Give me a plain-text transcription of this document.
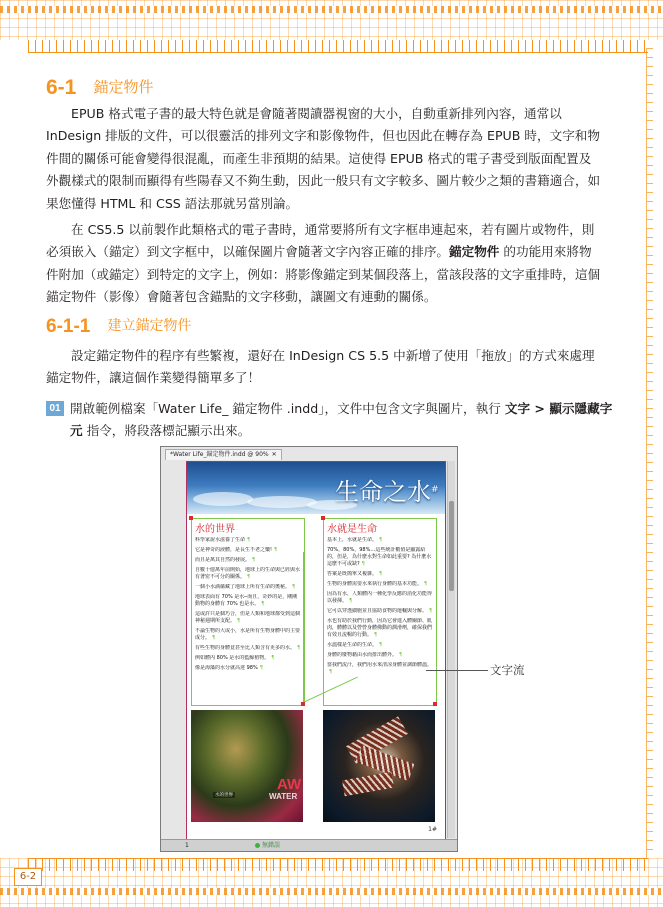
6-2
6-1 錨定物件
EPUB 格式電子書的最大特色就是會隨著閱讀器視窗的大小，自動重新排列內容，通常以
InDesign 排版的文件，可以很靈活的排列文字和影像物件，但也因此在轉存為 EPUB 時，文字和物
件間的關係可能會變得很混亂，而產生非預期的結果。這使得 EPUB 格式的電子書受到版面配置及
外觀樣式的限制而顯得有些陽春又不夠生動，因此一般只有文字較多、圖片較少之類的書籍適合，如
果您懂得 HTML 和 CSS 語法那就另當別論。
在 CS5.5 以前製作此類格式的電子書時，通常要將所有文字框串連起來，若有圖片或物件，則
必須嵌入（錨定）到文字框中，以確保圖片會隨著文字內容正確的排序。錨定物件 的功能用來將物
件附加（或錨定）到特定的文字上，例如：將影像錨定到某個段落上，當該段落的文字重排時，這個
錨定物件（影像）會隨著包含錨點的文字移動，讓圖文有連動的關係。
6-1-1 建立錨定物件
設定錨定物件的程序有些繁複，還好在 InDesign CS 5.5 中新增了使用「拖放」的方式來處理
錨定物件，讓這個作業變得簡單多了！
01 開啟範例檔案「Water Life_ 錨定物件 .indd」，文件中包含文字與圖片，執行 文字 > 顯示隱藏字
元 指令，將段落標記顯示出來。
*Water Life_錨定物件.indd @ 90% ✕
生命之水#
水的世界
科學家說水滋養了生命 ¶
它是神奇的液體，是長生不老之藥! ¶
而且是萬其自然的發展。 ¶
自數十億萬年前開始，地球上的生命與已經與水有著密不可分的關係。 ¶
一個小水滴蘊藏了地球上所有生命的奧秘。 ¶
地球表面有 70% 是水─而且，奇妙的是，剛剛動物的身體有 70% 也是水。 ¶
這或許只是個巧合，但是人類和地球都受到這個神秘週期所支配。 ¶
不論生物的大或小，水是所有生物身體中的主要成分。 ¶
有些生物的身體竟甚至比人類含有更多的水。 ¶
例如體內 80% 是水的藍鯨植物。 ¶
像是海藻的水分就高達 98% ¶
水就是生命
基本上，水就是生命。 ¶
70%，80%，98%…這些統計數值是顯露給的，但是，為什麼水對生命如此重要? 為什麼水這麼不可或缺? ¶
答案是既簡單又複雜。 ¶
生物的身體需要水來執行身體的基本功能。 ¶
因為有水，人類體內一種化學反應的消化功能得以發揮。 ¶
它可以穿透細胞並且協助食物的運輸與分解。 ¶
水也有助於我們行動，因為它會進入體關節、肌肉，體體以及營營身體佛動的潤滑劑，確保我們有效且流暢的行動。 ¶
水溫樣是生命的生命。 ¶
身體的廢物藉由水而排出體外。 ¶
當我們流汗，我們用水來清涼身體並調節體溫。¶
水的世界
AW
WATER
1#
1	無錯誤
文字流
